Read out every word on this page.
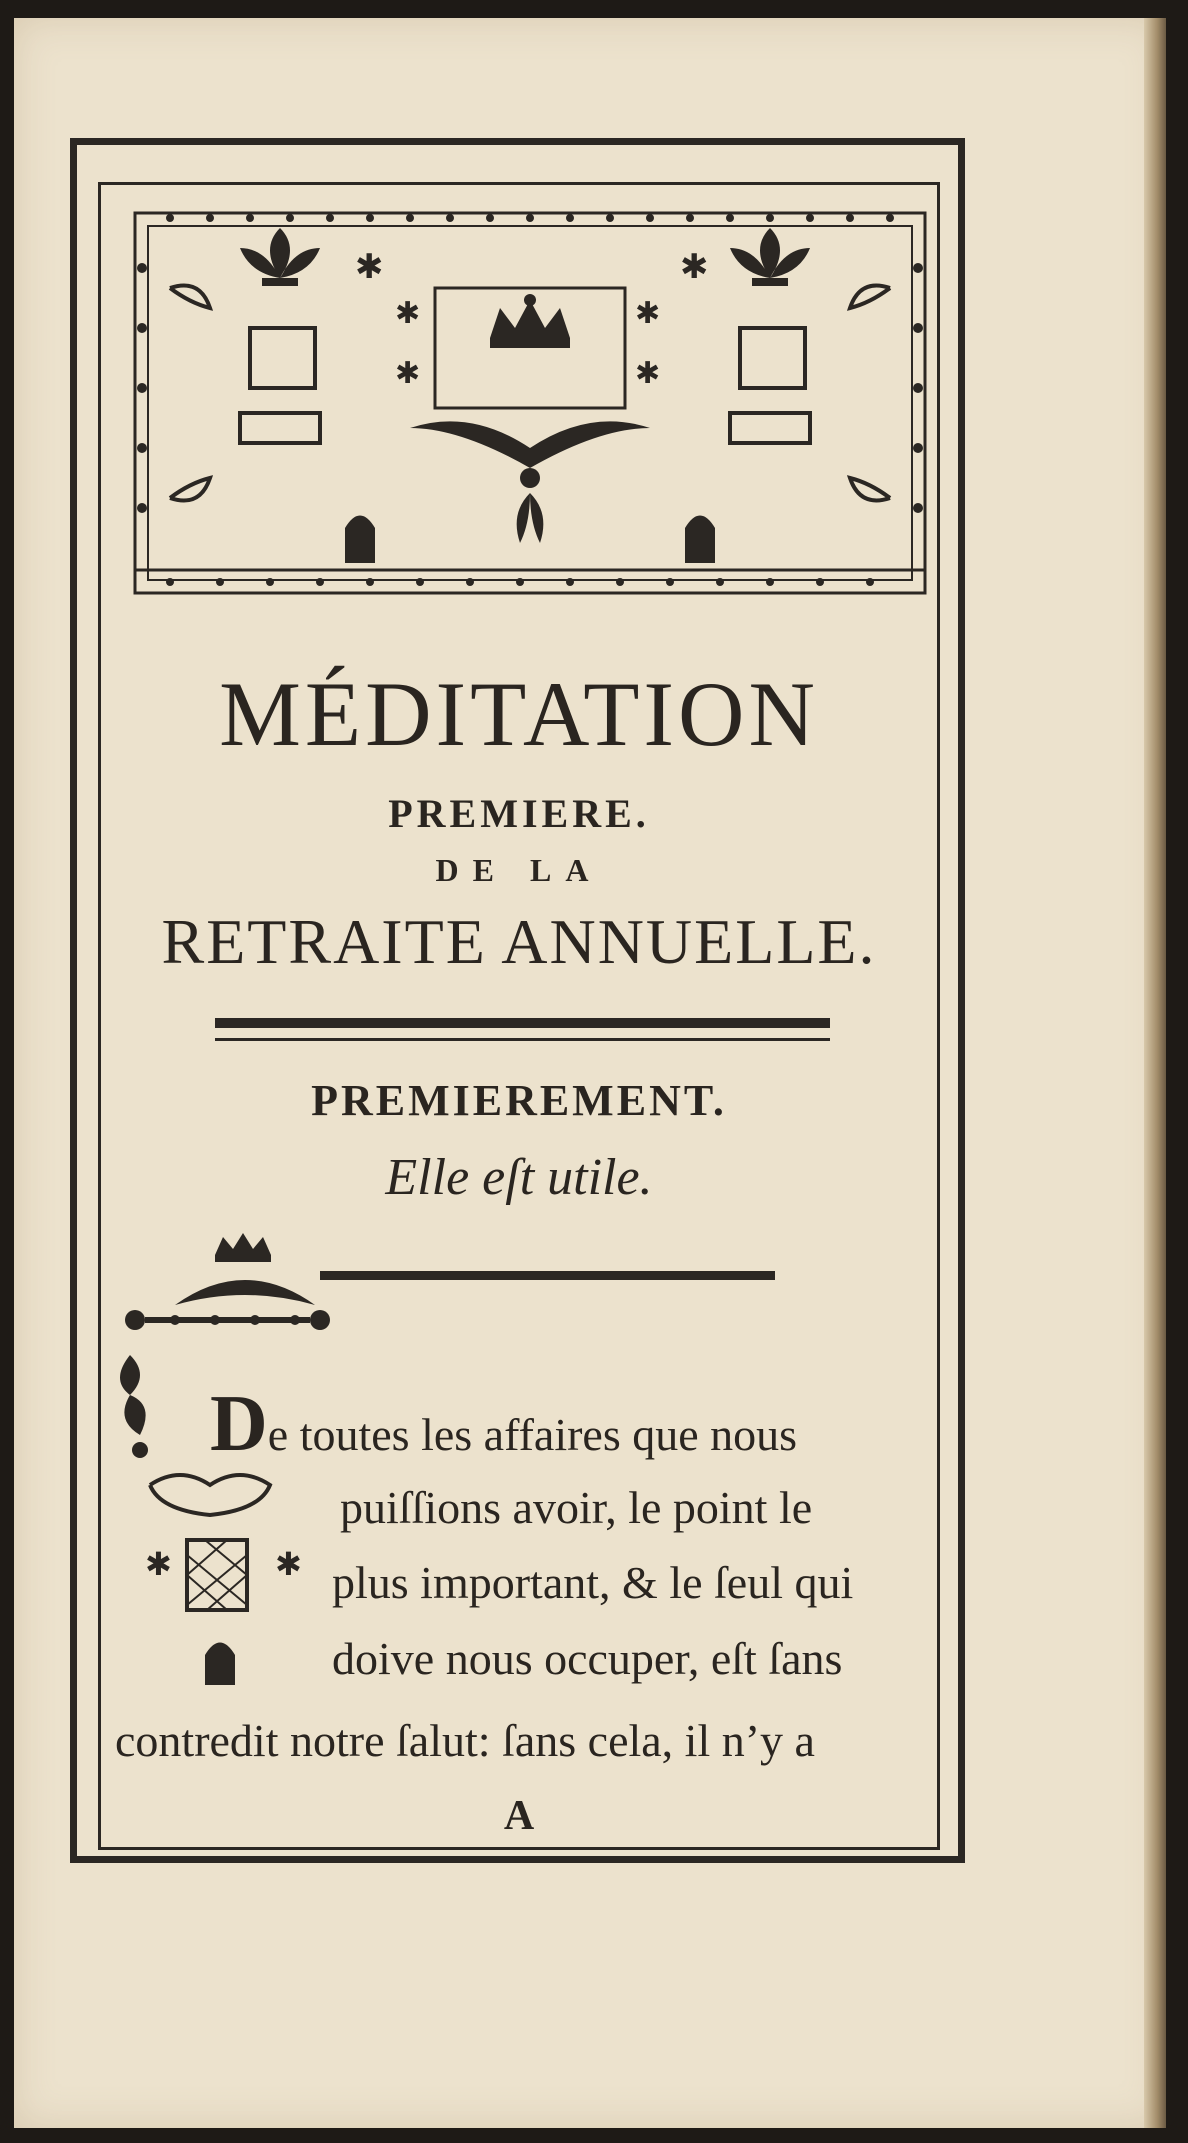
✱	✱
✱	✱
✱	✱
MÉDITATION
PREMIERE.
DE LA
RETRAITE ANNUELLE.
PREMIEREMENT.
Elle eſt utile.
✱	✱
De toutes les affaires que nous
puiſſions avoir, le point le
plus important, & le ſeul qui
doive nous occuper, eſt ſans
contredit notre ſalut: ſans cela, il n’y a
A
